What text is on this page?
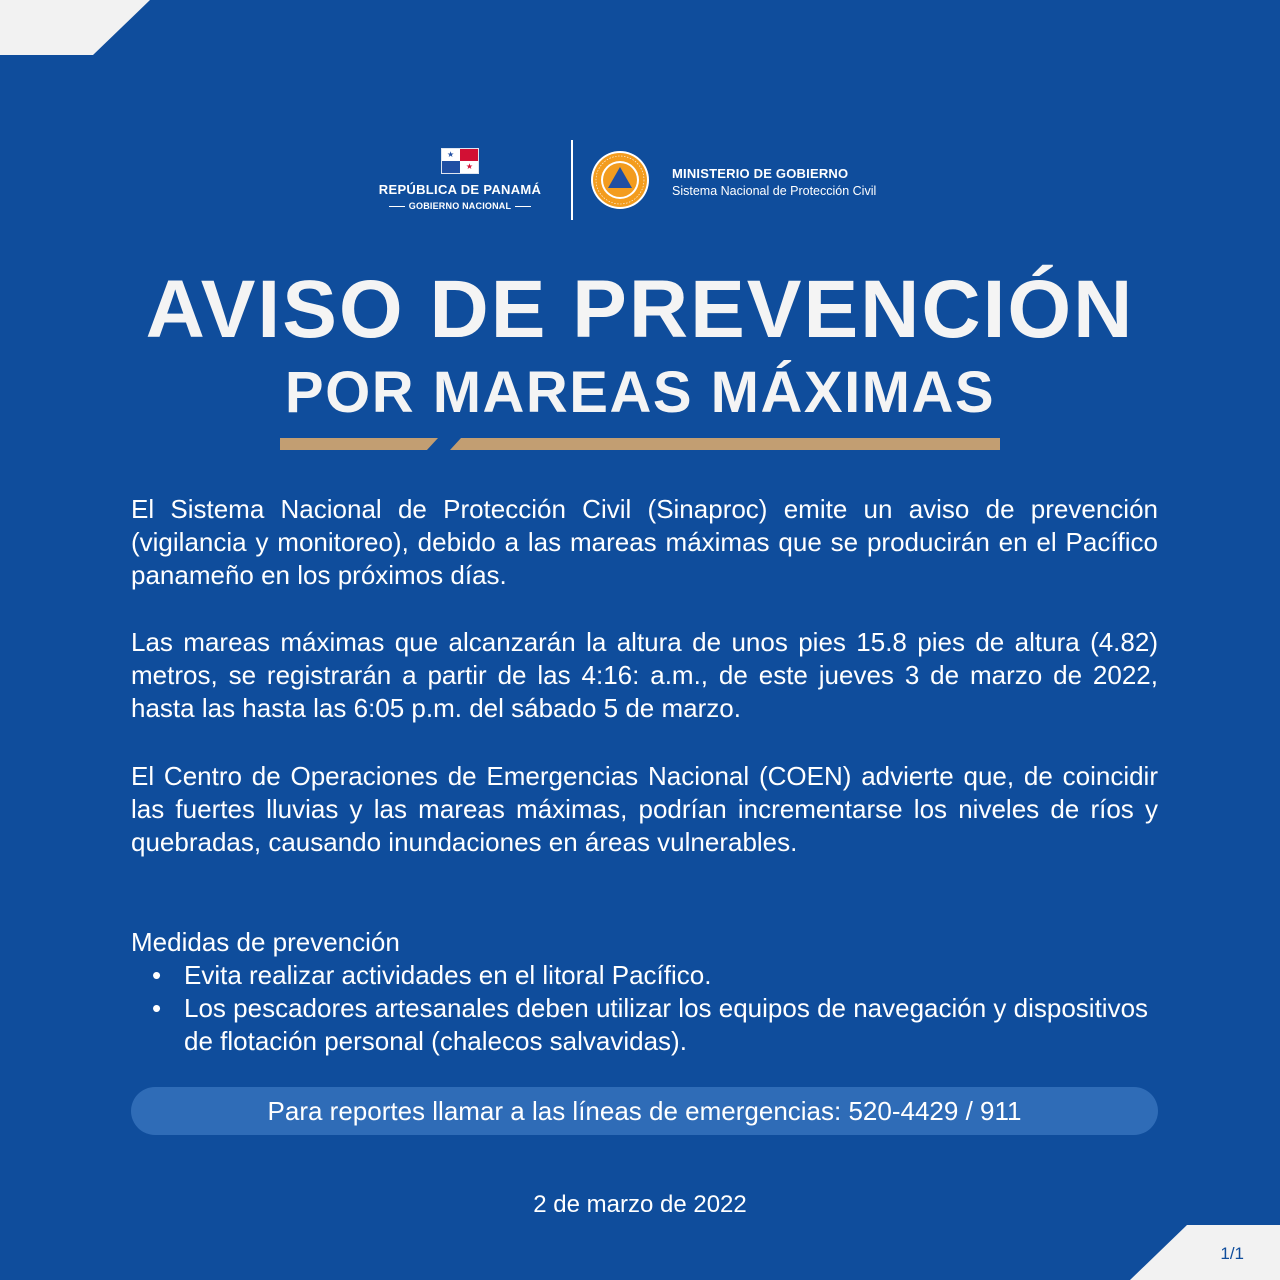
1/1
★
★
REPÚBLICA DE PANAMÁ
GOBIERNO NACIONAL
MINISTERIO DE GOBIERNO
Sistema Nacional de Protección Civil
AVISO DE PREVENCIÓN
POR MAREAS MÁXIMAS
El Sistema Nacional de Protección Civil (Sinaproc) emite un aviso de prevención (vigilancia y monitoreo), debido a las mareas máximas que se producirán en el Pacífico panameño en los próximos días.
Las mareas máximas que alcanzarán la altura de unos pies 15.8 pies de altura (4.82) metros, se registrarán a partir de las 4:16: a.m., de este jueves 3 de marzo de 2022, hasta las hasta las 6:05 p.m. del sábado 5 de marzo.
El Centro de Operaciones de Emergencias Nacional (COEN) advierte que, de coincidir las fuertes lluvias y las mareas máximas, podrían incrementarse los niveles de ríos y quebradas, causando inundaciones en áreas vulnerables.
Medidas de prevención
• Evita realizar actividades en el litoral Pacífico.
• Los pescadores artesanales deben utilizar los equipos de navegación y dispositivos de flotación personal (chalecos salvavidas).
Para reportes llamar a las líneas de emergencias: 520-4429 / 911
2 de marzo de 2022
